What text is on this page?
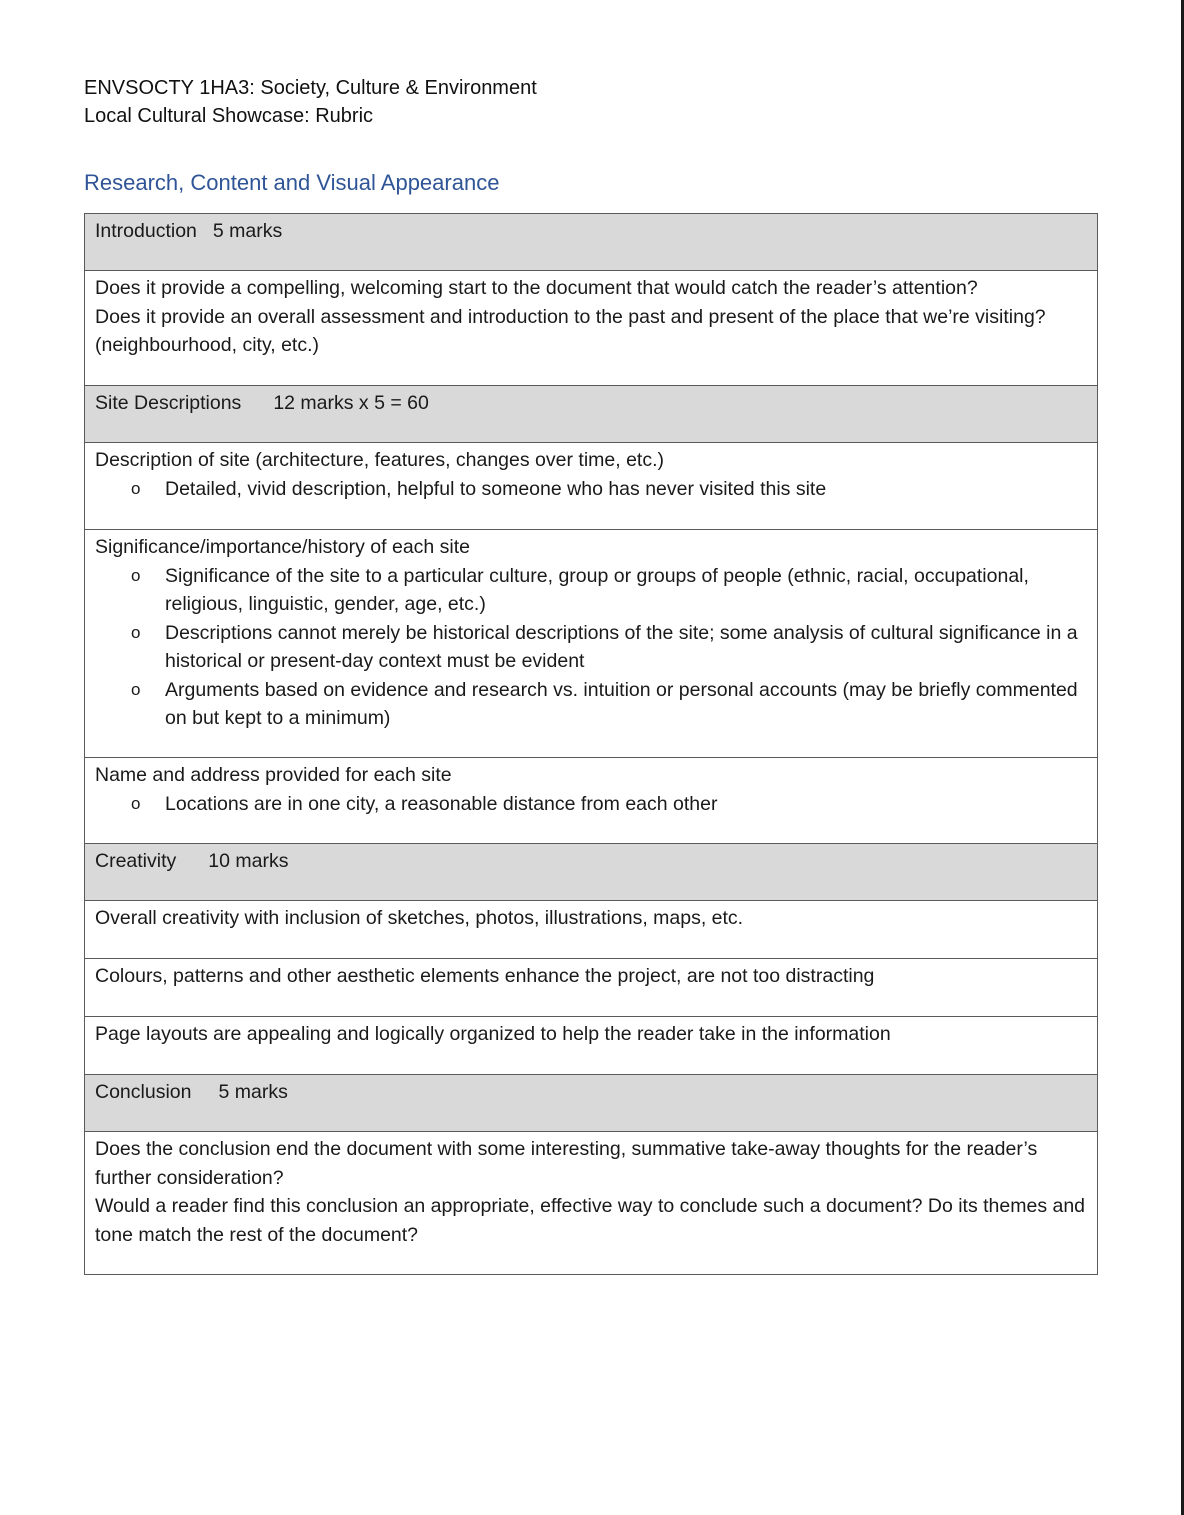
ENVSOCTY 1HA3: Society, Culture & Environment
Local Cultural Showcase: Rubric
Research, Content and Visual Appearance
Introduction 5 marks

Does it provide a compelling, welcoming start to the document that would catch the reader’s attention?
Does it provide an overall assessment and introduction to the past and present of the place that we’re visiting? (neighbourhood, city, etc.)

Site Descriptions 12 marks x 5 = 60

Description of site (architecture, features, changes over time, etc.)
o Detailed, vivid description, helpful to someone who has never visited this site

Significance/importance/history of each site
o Significance of the site to a particular culture, group or groups of people (ethnic, racial, occupational, religious, linguistic, gender, age, etc.)
o Descriptions cannot merely be historical descriptions of the site; some analysis of cultural significance in a historical or present-day context must be evident
o Arguments based on evidence and research vs. intuition or personal accounts (may be briefly commented on but kept to a minimum)

Name and address provided for each site
o Locations are in one city, a reasonable distance from each other

Creativity 10 marks
Overall creativity with inclusion of sketches, photos, illustrations, maps, etc.
Colours, patterns and other aesthetic elements enhance the project, are not too distracting
Page layouts are appealing and logically organized to help the reader take in the information
Conclusion 5 marks

Does the conclusion end the document with some interesting, summative take-away thoughts for the reader’s further consideration?
Would a reader find this conclusion an appropriate, effective way to conclude such a document? Do its themes and tone match the rest of the document?
